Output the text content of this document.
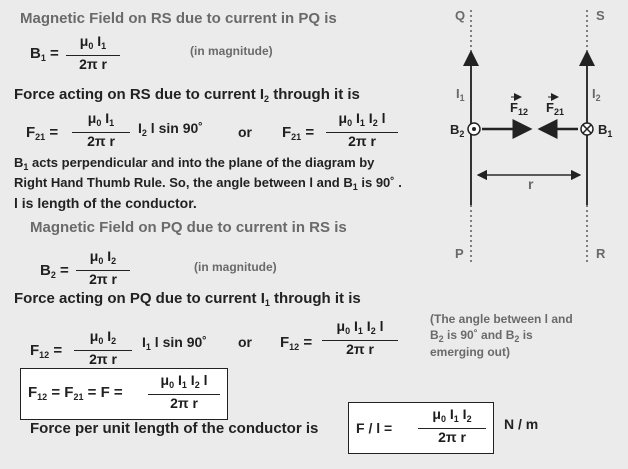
Magnetic Field on RS due to current in PQ is
$B_1$ =
$\mu_0$ $I_1$
2π r
(in magnitude)
Force acting on RS due to current $I_2$ through it is
$F_{21}$ =
$\mu_0$ $I_1$
2π r
$I_2$ l sin 90˚	or $F_{21}$ =
$\mu_0$ $I_1$ $I_2$ l
2π r
$B_1$ acts perpendicular and into the plane of the diagram by
Right Hand Thumb Rule. So, the angle between l and $B_1$ is 90˚ .
l is length of the conductor.
Magnetic Field on PQ due to current in RS is
$B_2$ =
$\mu_0$ $I_2$
2π r
(in magnitude)
Force acting on PQ due to current $I_1$ through it is
$F_{12}$ =
$\mu_0$ $I_2$
2π r
$I_1$ l sin 90˚ or $F_{12}$ =
$\mu_0$ $I_1$ $I_2$ l
2π r
(The angle between l and
$B_2$ is 90˚ and $B_2$ is
emerging out)
$F_{12} = F_{21} = F$ =
$\mu_0$ $I_1$ $I_2$ l
2π r
Force per unit length of the conductor is	F / l =
$\mu_0$ $I_1$ $I_2$
2π r
N / m
Q	S
P	R
$I_1$	$I_2$
$F_{12}$ $F_{21}$
$B_2$	$B_1$
r
